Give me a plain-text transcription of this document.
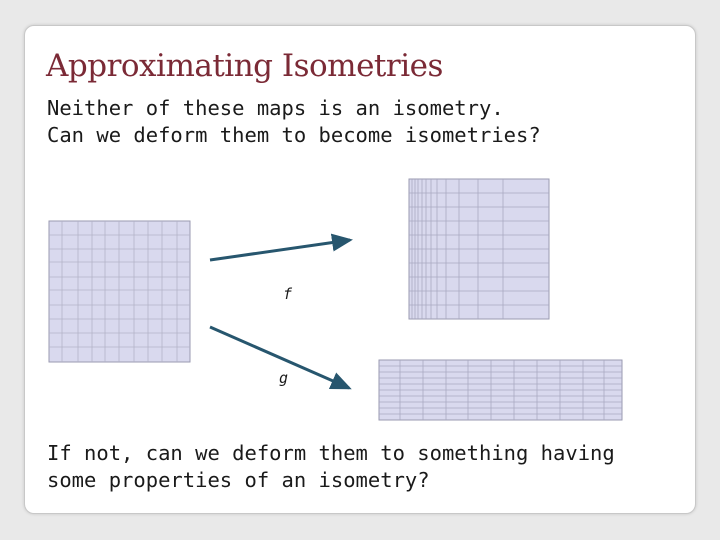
Approximating Isometries
Neither of these maps is an isometry.
Can we deform them to become isometries?
f
g
If not, can we deform them to something having
some properties of an isometry?
